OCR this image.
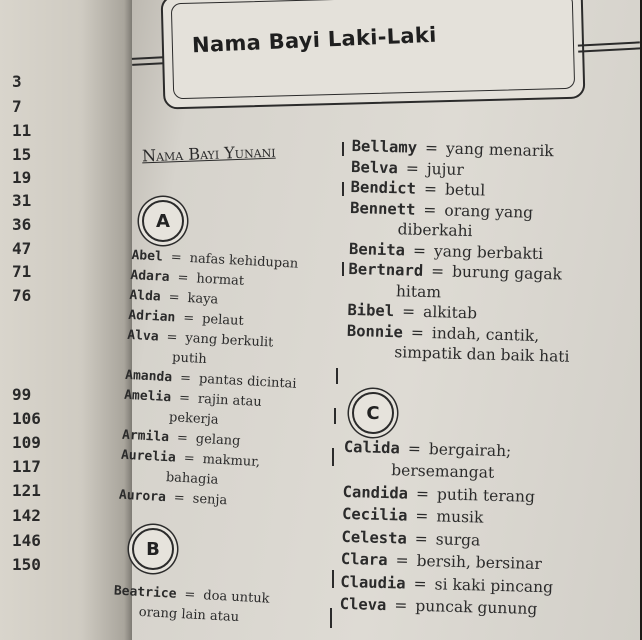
3
7
11
15
19
31
36
47
71
76
99
106
109
117
121
142
146
150
Nama Bayi Laki-Laki
Nama Bayi Yunani
A
B
C
Abel = nafas kehidupan
Adara = hormat
Alda = kaya
Adrian = pelaut
Alva = yang berkulit
putih
Amanda = pantas dicintai
Amelia = rajin atau
pekerja
Armila = gelang
Aurelia = makmur,
bahagia
Aurora = senja
Beatrice = doa untuk
orang lain atau
Bellamy = yang menarik
Belva = jujur
Bendict = betul
Bennett = orang yang
diberkahi
Benita = yang berbakti
Bertnard = burung gagak
hitam
Bibel = alkitab
Bonnie = indah, cantik,
simpatik dan baik hati
Calida = bergairah;
bersemangat
Candida = putih terang
Cecilia = musik
Celesta = surga
Clara = bersih, bersinar
Claudia = si kaki pincang
Cleva = puncak gunung
